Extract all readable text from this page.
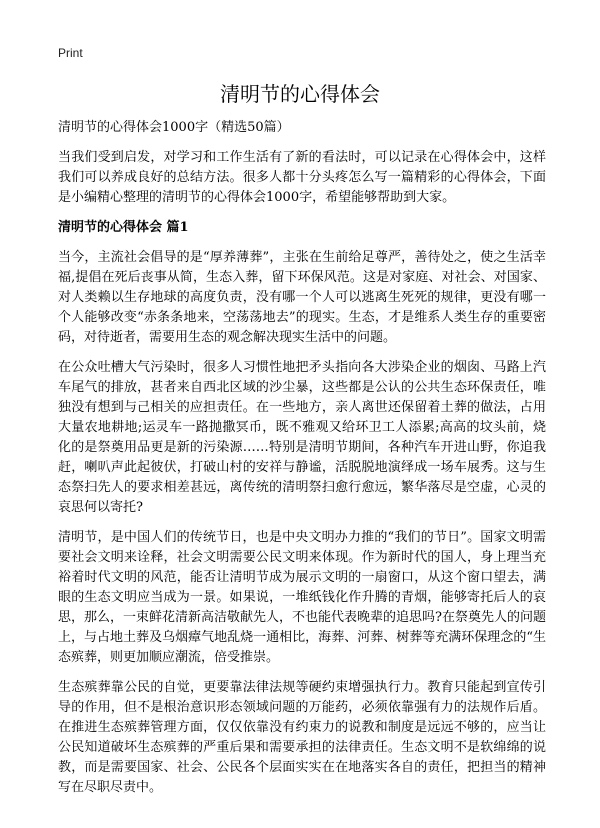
Print
清明节的心得体会

清明节的心得体会1000字（精选50篇）

当我们受到启发，对学习和工作生活有了新的看法时，可以记录在心得体会中，这样我们可以养成良好的总结方法。很多人都十分头疼怎么写一篇精彩的心得体会，下面是小编精心整理的清明节的心得体会1000字，希望能够帮助到大家。

清明节的心得体会 篇1

当今，主流社会倡导的是“厚养薄葬”，主张在生前给足尊严，善待处之，使之生活幸福,提倡在死后丧事从简，生态入葬，留下环保风范。这是对家庭、对社会、对国家、对人类赖以生存地球的高度负责，没有哪一个人可以逃离生死死的规律，更没有哪一个人能够改变“赤条条地来，空荡荡地去”的现实。生态，才是维系人类生存的重要密码，对待逝者，需要用生态的观念解决现实生活中的问题。

在公众吐槽大气污染时，很多人习惯性地把矛头指向各大涉染企业的烟囱、马路上汽车尾气的排放，甚者来自西北区域的沙尘暴，这些都是公认的公共生态环保责任，唯独没有想到与己相关的应担责任。在一些地方，亲人离世还保留着土葬的做法，占用大量农地耕地;运灵车一路抛撒冥币，既不雅观又给环卫工人添累;高高的坟头前，烧化的是祭奠用品更是新的污染源……特别是清明节期间，各种汽车开进山野，你追我赶，喇叭声此起彼伏，打破山村的安祥与静谧，活脱脱地演绎成一场车展秀。这与生态祭扫先人的要求相差甚远，离传统的清明祭扫愈行愈远，繁华落尽是空虚，心灵的哀思何以寄托?

清明节，是中国人们的传统节日，也是中央文明办力推的“我们的节日”。国家文明需要社会文明来诠释，社会文明需要公民文明来体现。作为新时代的国人，身上理当充裕着时代文明的风范，能否让清明节成为展示文明的一扇窗口，从这个窗口望去，满眼的生态文明应当成为一景。如果说，一堆纸钱化作升腾的青烟，能够寄托后人的哀思，那么，一束鲜花清新高洁敬献先人，不也能代表晚辈的追思吗?在祭奠先人的问题上，与占地土葬及乌烟瘴气地乱烧一通相比，海葬、河葬、树葬等充满环保理念的“生态殡葬，则更加顺应潮流，倍受推崇。

生态殡葬靠公民的自觉，更要靠法律法规等硬约束增强执行力。教育只能起到宣传引导的作用，但不是根治意识形态领域问题的万能药，必须依靠强有力的法规作后盾。在推进生态殡葬管理方面，仅仅依靠没有约束力的说教和制度是远远不够的，应当让公民知道破坏生态殡葬的严重后果和需要承担的法律责任。生态文明不是软绵绵的说教，而是需要国家、社会、公民各个层面实实在在地落实各自的责任，把担当的精神写在尽职尽责中。
